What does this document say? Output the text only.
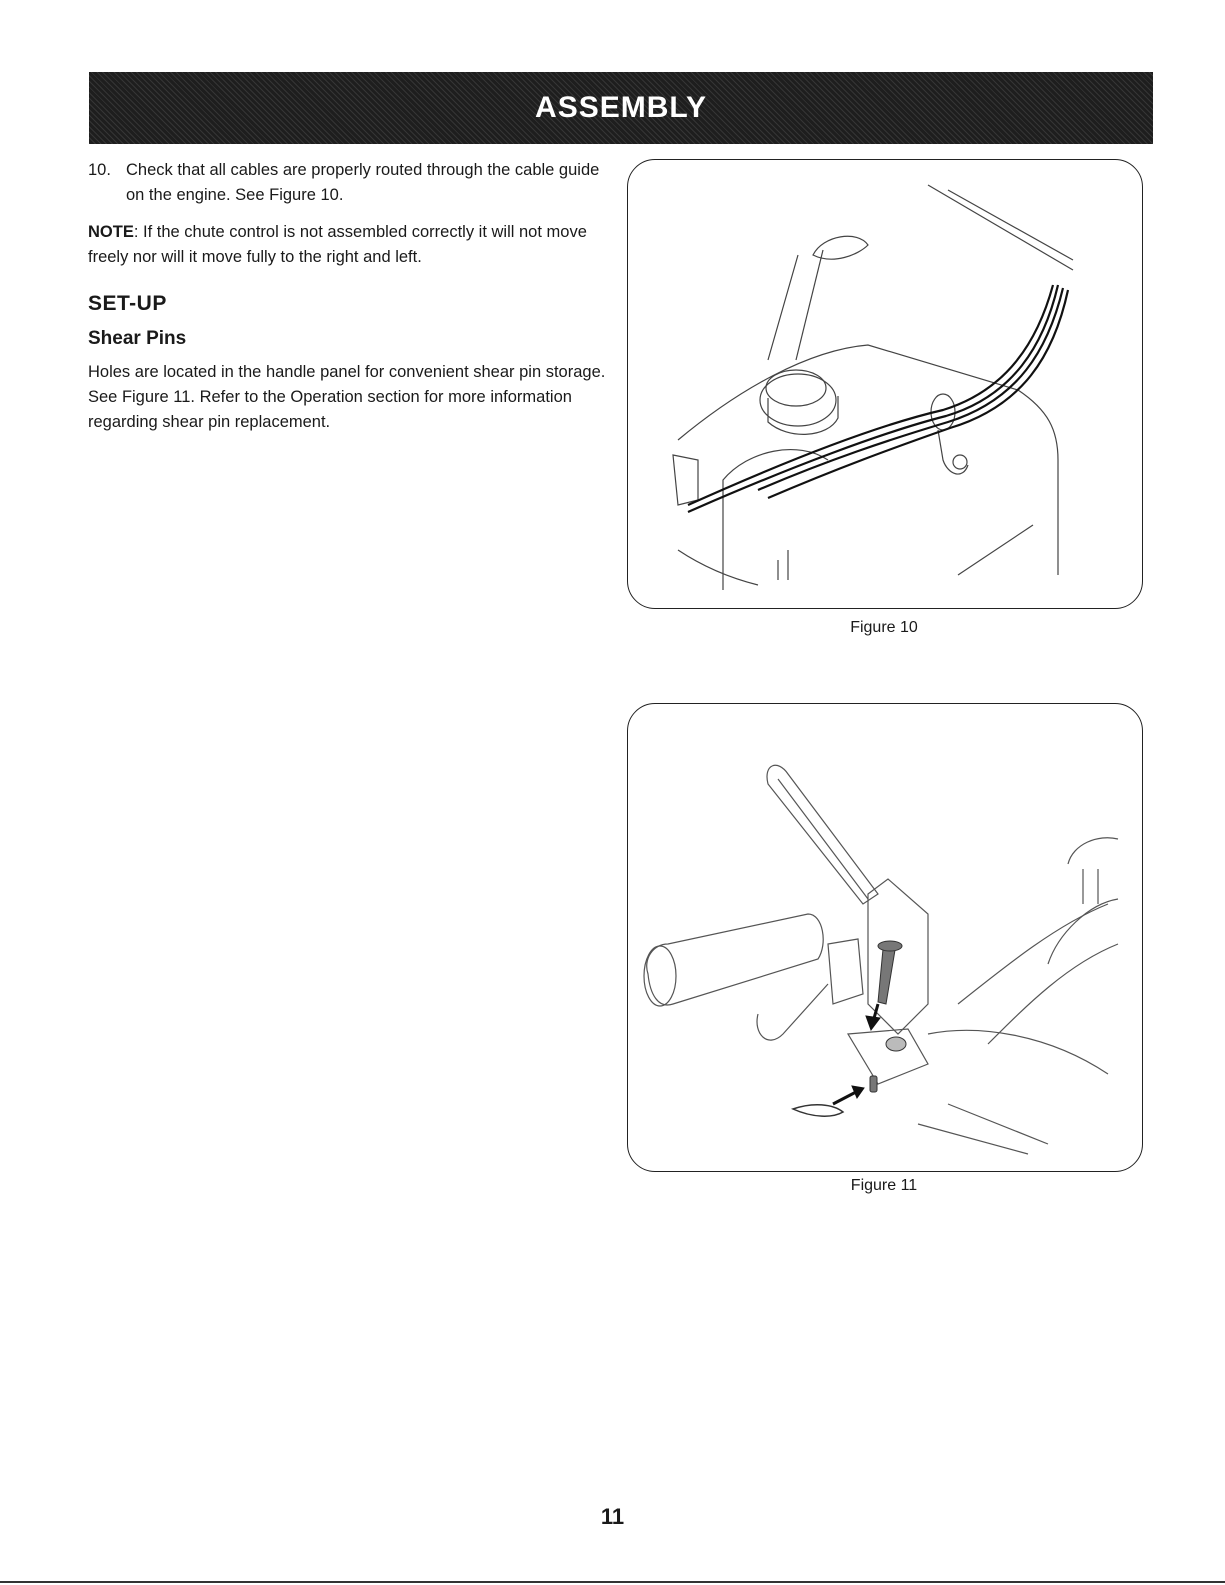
ASSEMBLY
10. Check that all cables are properly routed through the cable guide on the engine. See Figure 10.
NOTE: If the chute control is not assembled correctly it will not move freely nor will it move fully to the right and left.
SET-UP
Shear Pins
Holes are located in the handle panel for convenient shear pin storage. See Figure 11. Refer to the Operation section for more information regarding shear pin replacement.
Figure 10
Figure 11
11
